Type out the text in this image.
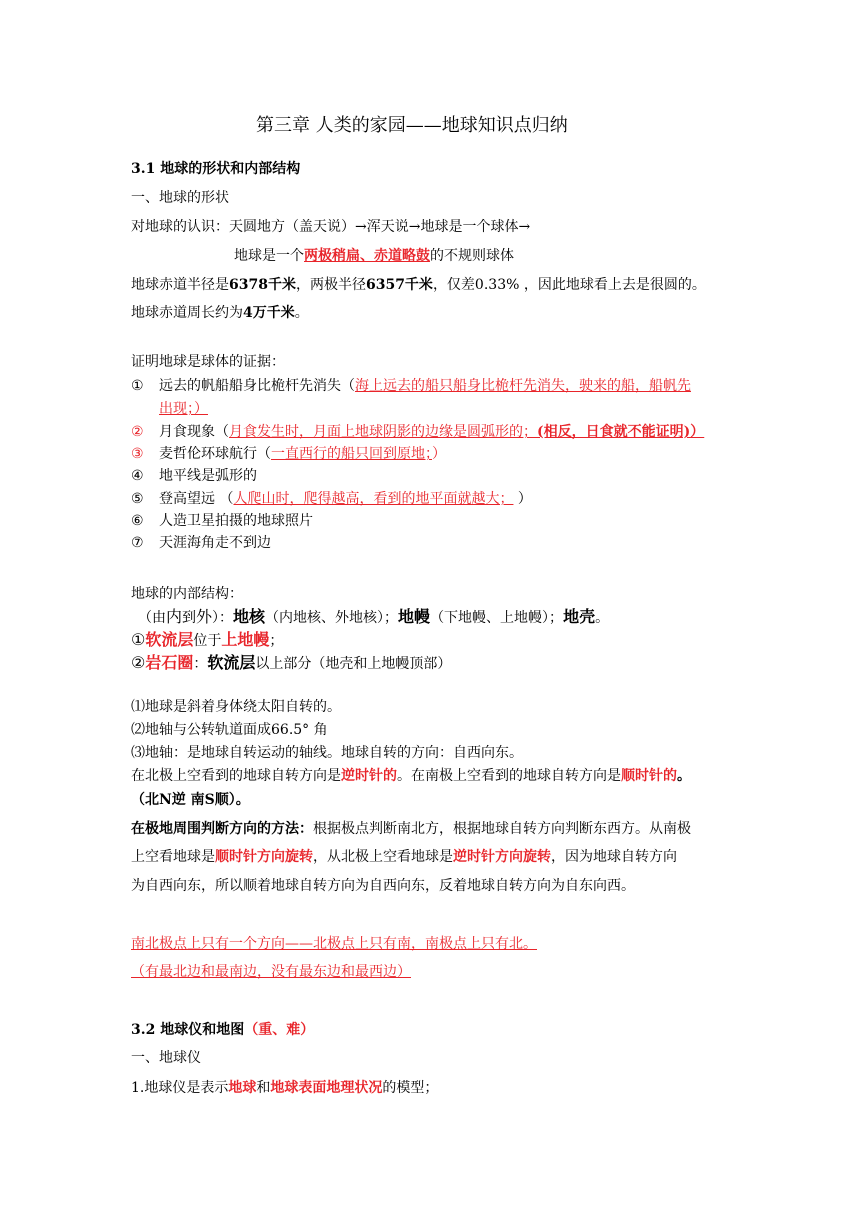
第三章 人类的家园——地球知识点归纳
3.1 地球的形状和内部结构
一、地球的形状
对地球的认识：天圆地方（盖天说）→浑天说→地球是一个球体→
地球是一个两极稍扁、赤道略鼓的不规则球体
地球赤道半径是6378千米，两极半径6357千米，仅差0.33% ，因此地球看上去是很圆的。
地球赤道周长约为4万千米。
证明地球是球体的证据：
① 远去的帆船船身比桅杆先消失（海上远去的船只船身比桅杆先消失，驶来的船，船帆先
出现；）
② 月食现象（月食发生时，月面上地球阴影的边缘是圆弧形的；(相反，日食就不能证明)）
③ 麦哲伦环球航行（一直西行的船只回到原地；）
④ 地平线是弧形的
⑤ 登高望远 （人爬山时，爬得越高，看到的地平面就越大； ）
⑥ 人造卫星拍摄的地球照片
⑦ 天涯海角走不到边
地球的内部结构：
（由内到外）：地核（内地核、外地核）；地幔（下地幔、上地幔）；地壳。
①软流层位于上地幔；
②岩石圈：软流层以上部分（地壳和上地幔顶部）
⑴地球是斜着身体绕太阳自转的。
⑵地轴与公转轨道面成66.5° 角
⑶地轴：是地球自转运动的轴线。地球自转的方向：自西向东。
在北极上空看到的地球自转方向是逆时针的。在南极上空看到的地球自转方向是顺时针的。
（北N逆 南S顺）。
在极地周围判断方向的方法：根据极点判断南北方，根据地球自转方向判断东西方。从南极
上空看地球是顺时针方向旋转，从北极上空看地球是逆时针方向旋转，因为地球自转方向
为自西向东，所以顺着地球自转方向为自西向东，反着地球自转方向为自东向西。
南北极点上只有一个方向——北极点上只有南，南极点上只有北。
（有最北边和最南边，没有最东边和最西边）
3.2 地球仪和地图（重、难）
一、地球仪
1.地球仪是表示地球和地球表面地理状况的模型；
